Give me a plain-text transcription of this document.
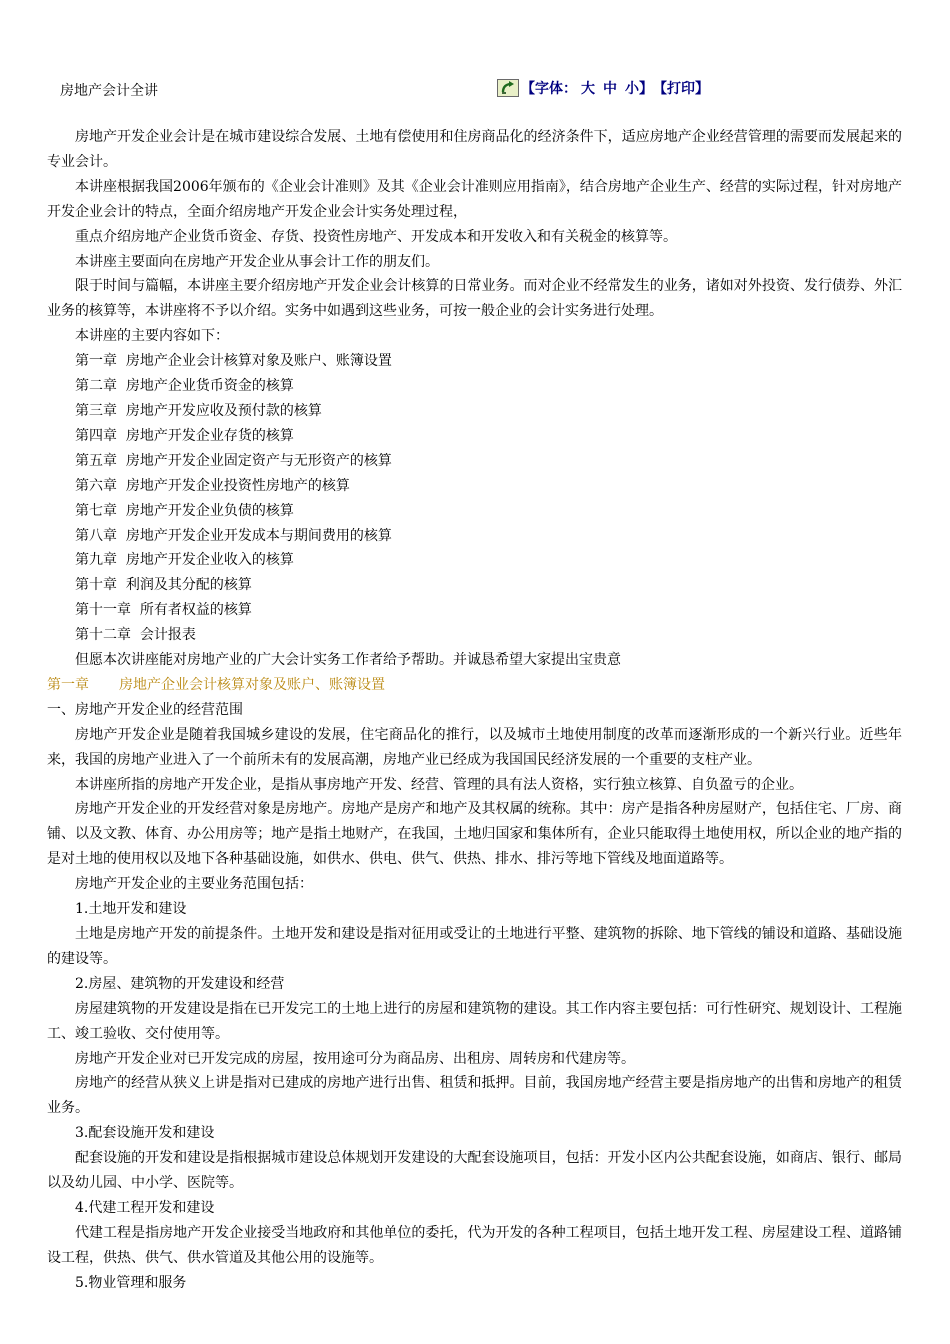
房地产会计全讲	【字体： 大 中 小 】 【打印】

房地产开发企业会计是在城市建设综合发展、土地有偿使用和住房商品化的经济条件下，适应房地产企业经营管理的需要而发展起来的专业会计。

本讲座根据我国2006年颁布的《企业会计准则》及其《企业会计准则应用指南》，结合房地产企业生产、经营的实际过程，针对房地产开发企业会计的特点，全面介绍房地产开发企业会计实务处理过程，

重点介绍房地产企业货币资金、存货、投资性房地产、开发成本和开发收入和有关税金的核算等。

本讲座主要面向在房地产开发企业从事会计工作的朋友们。

限于时间与篇幅，本讲座主要介绍房地产开发企业会计核算的日常业务。而对企业不经常发生的业务，诸如对外投资、发行债券、外汇业务的核算等，本讲座将不予以介绍。实务中如遇到这些业务，可按一般企业的会计实务进行处理。

本讲座的主要内容如下：

第一章  房地产企业会计核算对象及账户、账簿设置

第二章  房地产企业货币资金的核算

第三章  房地产开发应收及预付款的核算

第四章  房地产开发企业存货的核算

第五章  房地产开发企业固定资产与无形资产的核算

第六章  房地产开发企业投资性房地产的核算

第七章  房地产开发企业负债的核算

第八章  房地产开发企业开发成本与期间费用的核算

第九章  房地产开发企业收入的核算

第十章  利润及其分配的核算

第十一章  所有者权益的核算

第十二章  会计报表

但愿本次讲座能对房地产业的广大会计实务工作者给予帮助。并诚恳希望大家提出宝贵意

第一章 房地产企业会计核算对象及账户、账簿设置

一、房地产开发企业的经营范围

房地产开发企业是随着我国城乡建设的发展，住宅商品化的推行，以及城市土地使用制度的改革而逐渐形成的一个新兴行业。近些年来，我国的房地产业进入了一个前所未有的发展高潮，房地产业已经成为我国国民经济发展的一个重要的支柱产业。

本讲座所指的房地产开发企业，是指从事房地产开发、经营、管理的具有法人资格，实行独立核算、自负盈亏的企业。

房地产开发企业的开发经营对象是房地产。房地产是房产和地产及其权属的统称。其中：房产是指各种房屋财产，包括住宅、厂房、商铺、以及文教、体育、办公用房等；地产是指土地财产，在我国，土地归国家和集体所有，企业只能取得土地使用权，所以企业的地产指的是对土地的使用权以及地下各种基础设施，如供水、供电、供气、供热、排水、排污等地下管线及地面道路等。

房地产开发企业的主要业务范围包括：

1.土地开发和建设

土地是房地产开发的前提条件。土地开发和建设是指对征用或受让的土地进行平整、建筑物的拆除、地下管线的铺设和道路、基础设施的建设等。

2.房屋、建筑物的开发建设和经营

房屋建筑物的开发建设是指在已开发完工的土地上进行的房屋和建筑物的建设。其工作内容主要包括：可行性研究、规划设计、工程施工、竣工验收、交付使用等。

房地产开发企业对已开发完成的房屋，按用途可分为商品房、出租房、周转房和代建房等。

房地产的经营从狭义上讲是指对已建成的房地产进行出售、租赁和抵押。目前，我国房地产经营主要是指房地产的出售和房地产的租赁业务。

3.配套设施开发和建设

配套设施的开发和建设是指根据城市建设总体规划开发建设的大配套设施项目，包括：开发小区内公共配套设施，如商店、银行、邮局以及幼儿园、中小学、医院等。

4.代建工程开发和建设

代建工程是指房地产开发企业接受当地政府和其他单位的委托，代为开发的各种工程项目，包括土地开发工程、房屋建设工程、道路铺设工程，供热、供气、供水管道及其他公用的设施等。

5.物业管理和服务
